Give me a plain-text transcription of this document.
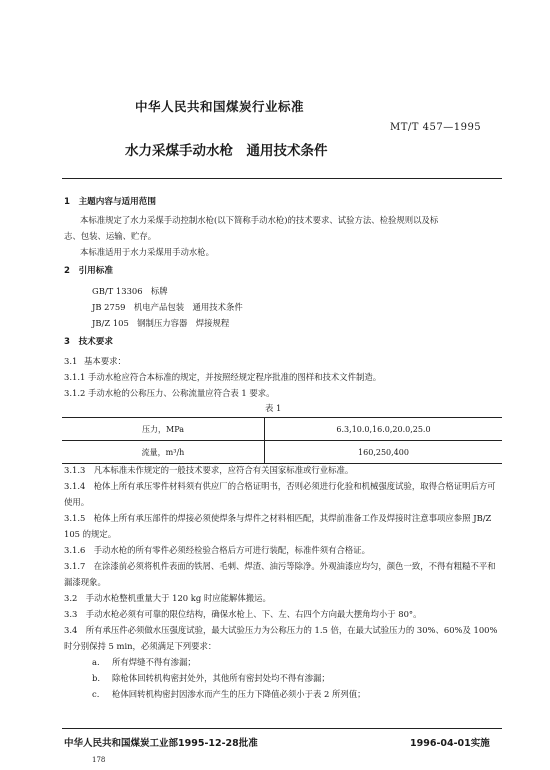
中华人民共和国煤炭行业标准
MT/T 457—1995
水力采煤手动水枪　通用技术条件
1　主题内容与适用范围
本标准规定了水力采煤手动控制水枪(以下简称手动水枪)的技术要求、试验方法、检验规则以及标
志、包装、运输、贮存。
本标准适用于水力采煤用手动水枪。
2　引用标准
GB/T 13306　标牌
JB 2759　机电产品包装　通用技术条件
JB/Z 105　钢制压力容器　焊接规程
3　技术要求
3.1 基本要求：
3.1.1 手动水枪应符合本标准的规定，并按照经规定程序批准的图样和技术文件制造。
3.1.2 手动水枪的公称压力、公称流量应符合表 1 要求。
表 1
压力，MPa	6.3,10.0,16.0,20.0,25.0
流量，m³/h	160,250,400
3.1.3　 凡本标准未作规定的一般技术要求，应符合有关国家标准或行业标准。
3.1.4　 枪体上所有承压零件材料须有供应厂的合格证明书，否则必须进行化验和机械强度试验，取得合格证明后方可使用。
3.1.5　 枪体上所有承压部件的焊接必须使焊条与焊件之材料相匹配，其焊前准备工作及焊接时注意事项应参照 JB/Z 105 的规定。
3.1.6　 手动水枪的所有零件必须经检验合格后方可进行装配，标准件须有合格证。
3.1.7　 在涂漆前必须将机件表面的铁屑、毛刺、焊渣、油污等除净。外观油漆应均匀，颜色一致，不得有粗糙不平和漏漆现象。
3.2　 手动水枪整机重量大于 120 kg 时应能解体搬运。
3.3　 手动水枪必须有可靠的限位结构，确保水枪上、下、左、右四个方向最大摆角均小于 80°。
3.4　 所有承压件必须做水压强度试验，最大试验压力为公称压力的 1.5 倍，在最大试验压力的 30%、60%及 100%时分别保持 5 min，必须满足下列要求：
a. 所有焊缝不得有渗漏；
b. 除枪体回转机构密封处外，其他所有密封处均不得有渗漏；
c. 枪体回转机构密封因渗水而产生的压力下降值必须小于表 2 所列值；
中华人民共和国煤炭工业部1995-12-28批准	1996-04-01实施
178
